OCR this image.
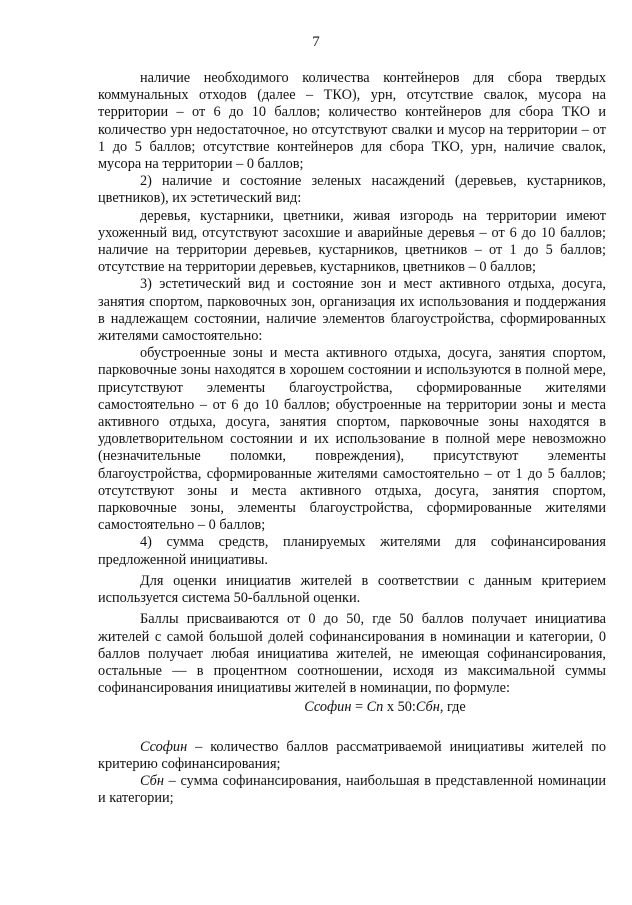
7

наличие необходимого количества контейнеров для сбора твердых коммунальных отходов (далее – ТКО), урн, отсутствие свалок, мусора на территории – от 6 до 10 баллов; количество контейнеров для сбора ТКО и количество урн недостаточное, но отсутствуют свалки и мусор на территории – от 1 до 5 баллов; отсутствие контейнеров для сбора ТКО, урн, наличие свалок, мусора на территории – 0 баллов;

2) наличие и состояние зеленых насаждений (деревьев, кустарников, цветников), их эстетический вид:

деревья, кустарники, цветники, живая изгородь на территории имеют ухоженный вид, отсутствуют засохшие и аварийные деревья – от 6 до 10 баллов; наличие на территории деревьев, кустарников, цветников – от 1 до 5 баллов; отсутствие на территории деревьев, кустарников, цветников – 0 баллов;

3) эстетический вид и состояние зон и мест активного отдыха, досуга, занятия спортом, парковочных зон, организация их использования и поддержания в надлежащем состоянии, наличие элементов благоустройства, сформированных жителями самостоятельно:

обустроенные зоны и места активного отдыха, досуга, занятия спортом, парковочные зоны находятся в хорошем состоянии и используются в полной мере, присутствуют элементы благоустройства, сформированные жителями самостоятельно – от 6 до 10 баллов; обустроенные на территории зоны и места активного отдыха, досуга, занятия спортом, парковочные зоны находятся в удовлетворительном состоянии и их использование в полной мере невозможно (незначительные поломки, повреждения), присутствуют элементы благоустройства, сформированные жителями самостоятельно – от 1 до 5 баллов; отсутствуют зоны и места активного отдыха, досуга, занятия спортом, парковочные зоны, элементы благоустройства, сформированные жителями самостоятельно – 0 баллов;

4) сумма средств, планируемых жителями для софинансирования предложенной инициативы.

Для оценки инициатив жителей в соответствии с данным критерием используется система 50-балльной оценки.

Баллы присваиваются от 0 до 50, где 50 баллов получает инициатива жителей с самой большой долей софинансирования в номинации и категории, 0 баллов получает любая инициатива жителей, не имеющая софинансирования, остальные — в процентном соотношении, исходя из максимальной суммы софинансирования инициативы жителей в номинации, по формуле:

Ссофин = Сп х 50:Сбн, где

Ссофин – количество баллов рассматриваемой инициативы жителей по критерию софинансирования;

Сбн – сумма софинансирования, наибольшая в представленной номинации и категории;
